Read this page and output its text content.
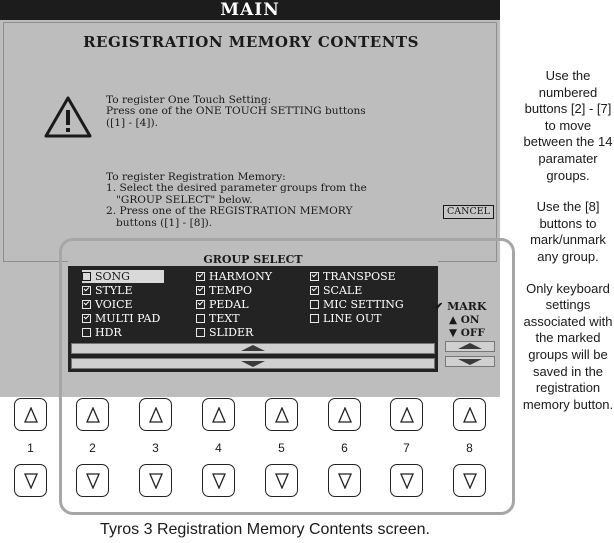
MAIN
REGISTRATION MEMORY CONTENTS
To register One Touch Setting:
Press one of the ONE TOUCH SETTING buttons
([1] - [4]).
To register Registration Memory:
1. Select the desired parameter groups from the
"GROUP SELECT" below.
2. Press one of the REGISTRATION MEMORY
buttons ([1] - [8]).
CANCEL
GROUP SELECT
SONG
STYLE
VOICE
MULTI PAD
HDR
HARMONY
TEMPO
PEDAL
TEXT
SLIDER
TRANSPOSE
SCALE
MIC SETTING
LINE OUT
✔ MARK
▲ ON
▼ OFF
1	2	3	4	5	6	7	8

Use the numbered buttons [2] - [7] to move between the 14 paramater groups.

Use the [8] buttons to mark/unmark any group.

Only keyboard settings associated with the marked groups will be saved in the registration memory button.

Tyros 3 Registration Memory Contents screen.
